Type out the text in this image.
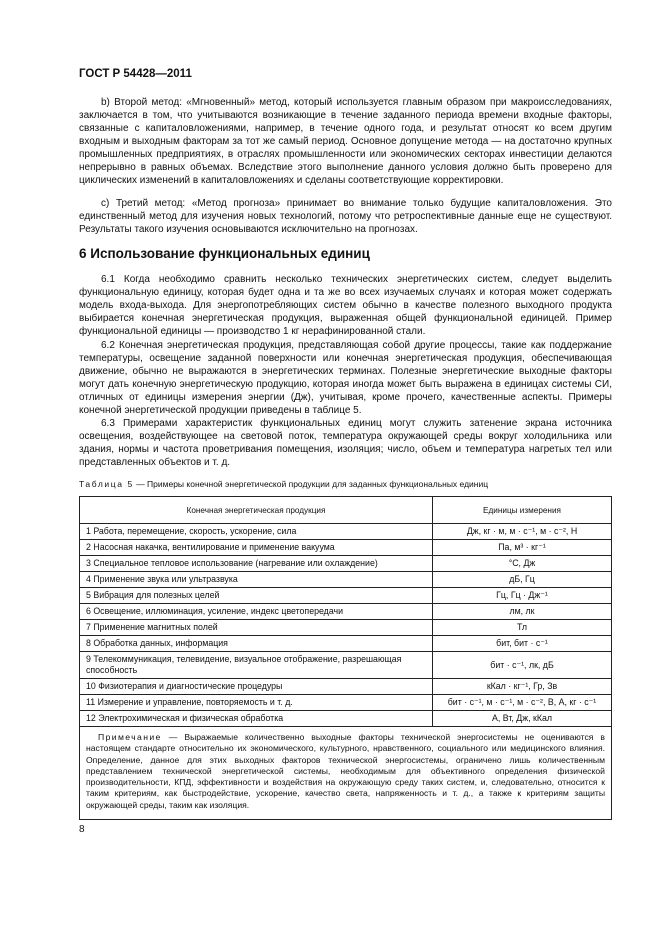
ГОСТ Р 54428—2011
b) Второй метод: «Мгновенный» метод, который используется главным образом при макроисследованиях, заключается в том, что учитываются возникающие в течение заданного периода времени входные факторы, связанные с капиталовложениями, например, в течение одного года, и результат относят ко всем другим входным и выходным факторам за тот же самый период. Основное допущение метода — на достаточно крупных промышленных предприятиях, в отраслях промышленности или экономических секторах инвестиции делаются непрерывно в равных объемах. Вследствие этого выполнение данного условия должно быть проверено для циклических изменений в капиталовложениях и сделаны соответствующие корректировки.
c) Третий метод: «Метод прогноза» принимает во внимание только будущие капиталовложения. Это единственный метод для изучения новых технологий, потому что ретроспективные данные еще не существуют. Результаты такого изучения основываются исключительно на прогнозах.
6 Использование функциональных единиц
6.1 Когда необходимо сравнить несколько технических энергетических систем, следует выделить функциональную единицу, которая будет одна и та же во всех изучаемых случаях и которая может содержать модель входа-выхода. Для энергопотребляющих систем обычно в качестве полезного выходного продукта выбирается конечная энергетическая продукция, выраженная общей функциональной единицей. Пример функциональной единицы — производство 1 кг нерафинированной стали.
6.2 Конечная энергетическая продукция, представляющая собой другие процессы, такие как поддержание температуры, освещение заданной поверхности или конечная энергетическая продукция, обеспечивающая движение, обычно не выражаются в энергетических терминах. Полезные энергетические выходные факторы могут дать конечную энергетическую продукцию, которая иногда может быть выражена в единицах системы СИ, отличных от единицы измерения энергии (Дж), учитывая, кроме прочего, качественные аспекты. Примеры конечной энергетической продукции приведены в таблице 5.
6.3 Примерами характеристик функциональных единиц могут служить затенение экрана источника освещения, воздействующее на световой поток, температура окружающей среды вокруг холодильника или здания, нормы и частота проветривания помещения, изоляция; число, объем и температура нагретых тел или представленных объектов и т. д.
Таблица 5 — Примеры конечной энергетической продукции для заданных функциональных единиц
Конечная энергетическая продукция	Единицы измерения
1 Работа, перемещение, скорость, ускорение, сила	Дж, кг · м, м · с⁻¹, м · с⁻², Н
2 Насосная накачка, вентилирование и применение вакуума	Па, м³ · кг⁻¹
3 Специальное тепловое использование (нагревание или охлаждение)	°С, Дж
4 Применение звука или ультразвука	дБ, Гц
5 Вибрация для полезных целей	Гц, Гц · Дж⁻¹
6 Освещение, иллюминация, усиление, индекс цветопередачи	лм, лк
7 Применение магнитных полей	Тл
8 Обработка данных, информация	бит, бит · с⁻¹
9 Телекоммуникация, телевидение, визуальное отображение, разрешающая способность	бит · с⁻¹, лк, дБ
10 Физиотерапия и диагностические процедуры	кКал · кг⁻¹, Гр, Зв
11 Измерение и управление, повторяемость и т. д.	бит · с⁻¹, м · с⁻¹, м · с⁻², В, А, кг · с⁻¹
12 Электрохимическая и физическая обработка	А, Вт, Дж, кКал
Примечание — Выражаемые количественно выходные факторы технической энергосистемы не оцениваются в настоящем стандарте относительно их экономического, культурного, нравственного, социального или медицинского влияния. Определение, данное для этих выходных факторов технической энергосистемы, ограничено лишь количественным представлением технической энергетической системы, необходимым для объективного определения физической производительности, КПД, эффективности и воздействия на окружающую среду таких систем, и, следовательно, относится к таким критериям, как быстродействие, ускорение, качество света, напряженность и т. д., а также к критериям защиты окружающей среды, таким как изоляция.	
8
